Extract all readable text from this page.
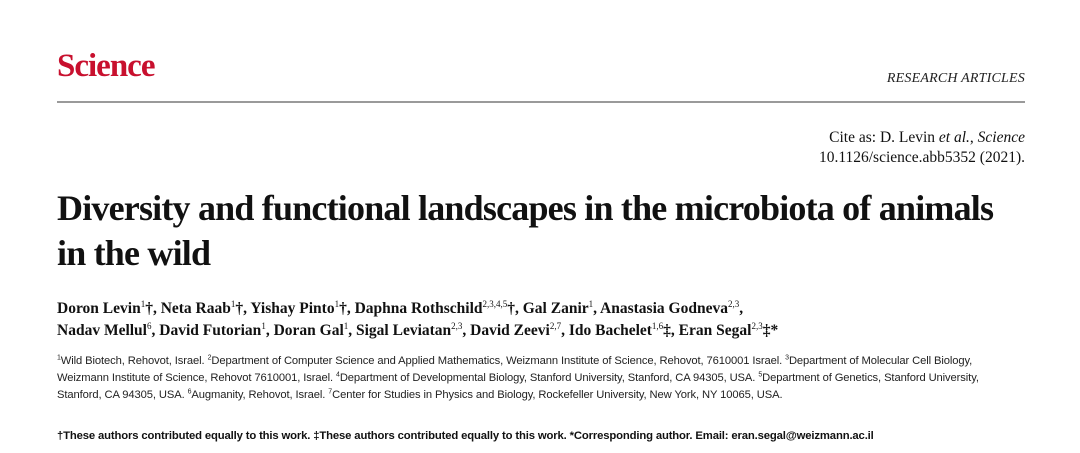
Science	RESEARCH ARTICLES
Cite as: D. Levin et al., Science
10.1126/science.abb5352 (2021).
Diversity and functional landscapes in the microbiota of animals in the wild
Doron Levin$^1$†, Neta Raab$^1$†, Yishay Pinto$^1$†, Daphna Rothschild$^{2,3,4,5}$†, Gal Zanir$^1$, Anastasia Godneva$^{2,3}$,
Nadav Mellul$^6$, David Futorian$^1$, Doran Gal$^1$, Sigal Leviatan$^{2,3}$, David Zeevi$^{2,7}$, Ido Bachelet$^{1,6}$‡, Eran Segal$^{2,3}$‡*
$^1$Wild Biotech, Rehovot, Israel. $^2$Department of Computer Science and Applied Mathematics, Weizmann Institute of Science, Rehovot, 7610001 Israel. $^3$Department of Molecular Cell Biology, Weizmann Institute of Science, Rehovot 7610001, Israel. $^4$Department of Developmental Biology, Stanford University, Stanford, CA 94305, USA. $^5$Department of Genetics, Stanford University, Stanford, CA 94305, USA. $^6$Augmanity, Rehovot, Israel. $^7$Center for Studies in Physics and Biology, Rockefeller University, New York, NY 10065, USA.
†These authors contributed equally to this work. ‡These authors contributed equally to this work. *Corresponding author. Email: eran.segal@weizmann.ac.il
